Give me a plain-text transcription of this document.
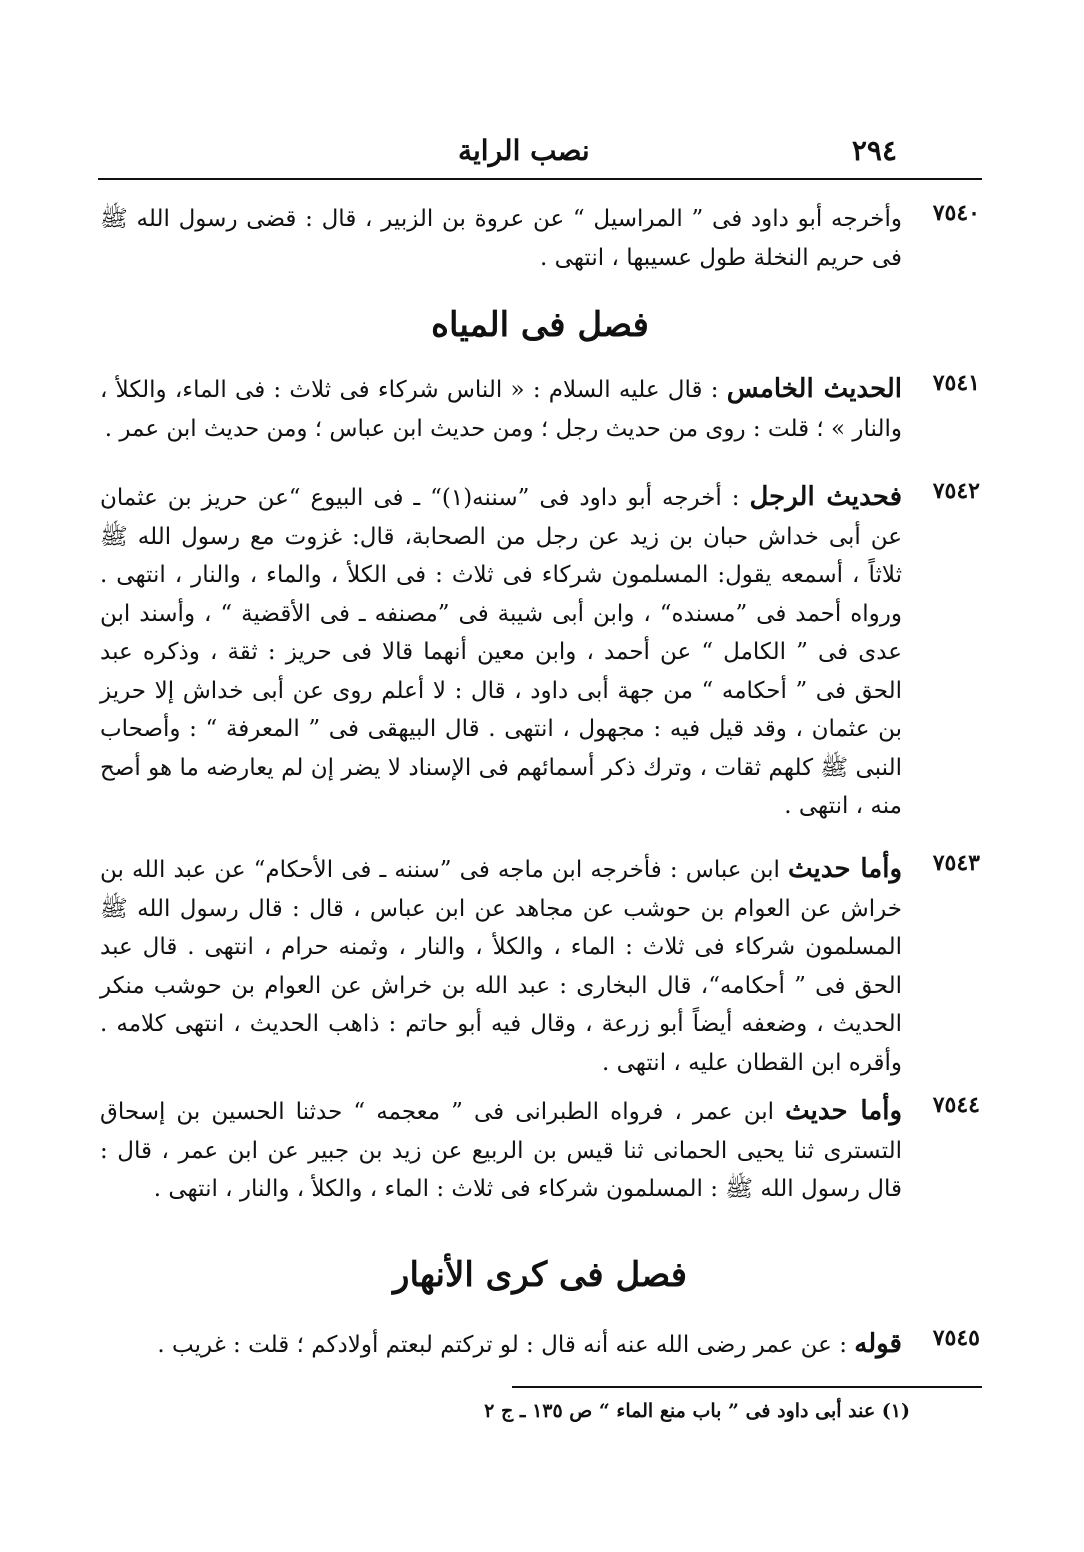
٢٩٤
نصب الراية
٧٥٤٠
وأخرجه أبو داود فى ” المراسيل “ عن عروة بن الزبير ، قال : قضى رسول الله ﷺ فى حريم النخلة طول عسيبها ، انتهى .
فصل فى المياه
٧٥٤١
الحديث الخامس : قال عليه السلام : « الناس شركاء فى ثلاث : فى الماء، والكلأ ، والنار » ؛ قلت : روى من حديث رجل ؛ ومن حديث ابن عباس ؛ ومن حديث ابن عمر .
٧٥٤٢
فحديث الرجل : أخرجه أبو داود فى ”سننه(١)“ ـ فى البيوع “عن حريز بن عثمان عن أبى خداش حبان بن زيد عن رجل من الصحابة، قال: غزوت مع رسول الله ﷺ ثلاثاً ، أسمعه يقول: المسلمون شركاء فى ثلاث : فى الكلأ ، والماء ، والنار ، انتهى . ورواه أحمد فى ”مسنده“ ، وابن أبى شيبة فى ”مصنفه ـ فى الأقضية “ ، وأسند ابن عدى فى ” الكامل “ عن أحمد ، وابن معين أنهما قالا فى حريز : ثقة ، وذكره عبد الحق فى ” أحكامه “ من جهة أبى داود ، قال : لا أعلم روى عن أبى خداش إلا حريز بن عثمان ، وقد قيل فيه : مجهول ، انتهى . قال البيهقى فى ” المعرفة “ : وأصحاب النبى ﷺ كلهم ثقات ، وترك ذكر أسمائهم فى الإسناد لا يضر إن لم يعارضه ما هو أصح منه ، انتهى .
٧٥٤٣
وأما حديث ابن عباس : فأخرجه ابن ماجه فى ”سننه ـ فى الأحكام“ عن عبد الله بن خراش عن العوام بن حوشب عن مجاهد عن ابن عباس ، قال : قال رسول الله ﷺ المسلمون شركاء فى ثلاث : الماء ، والكلأ ، والنار ، وثمنه حرام ، انتهى . قال عبد الحق فى ” أحكامه“، قال البخارى : عبد الله بن خراش عن العوام بن حوشب منكر الحديث ، وضعفه أيضاً أبو زرعة ، وقال فيه أبو حاتم : ذاهب الحديث ، انتهى كلامه . وأقره ابن القطان عليه ، انتهى .
٧٥٤٤
وأما حديث ابن عمر ، فرواه الطبرانى فى ” معجمه “ حدثنا الحسين بن إسحاق التسترى ثنا يحيى الحمانى ثنا قيس بن الربيع عن زيد بن جبير عن ابن عمر ، قال : قال رسول الله ﷺ : المسلمون شركاء فى ثلاث : الماء ، والكلأ ، والنار ، انتهى .
فصل فى كرى الأنهار
٧٥٤٥
قوله : عن عمر رضى الله عنه أنه قال : لو تركتم لبعتم أولادكم ؛ قلت : غريب .
(١) عند أبى داود فى ” باب منع الماء “ ص ١٣٥ ـ ج ٢
